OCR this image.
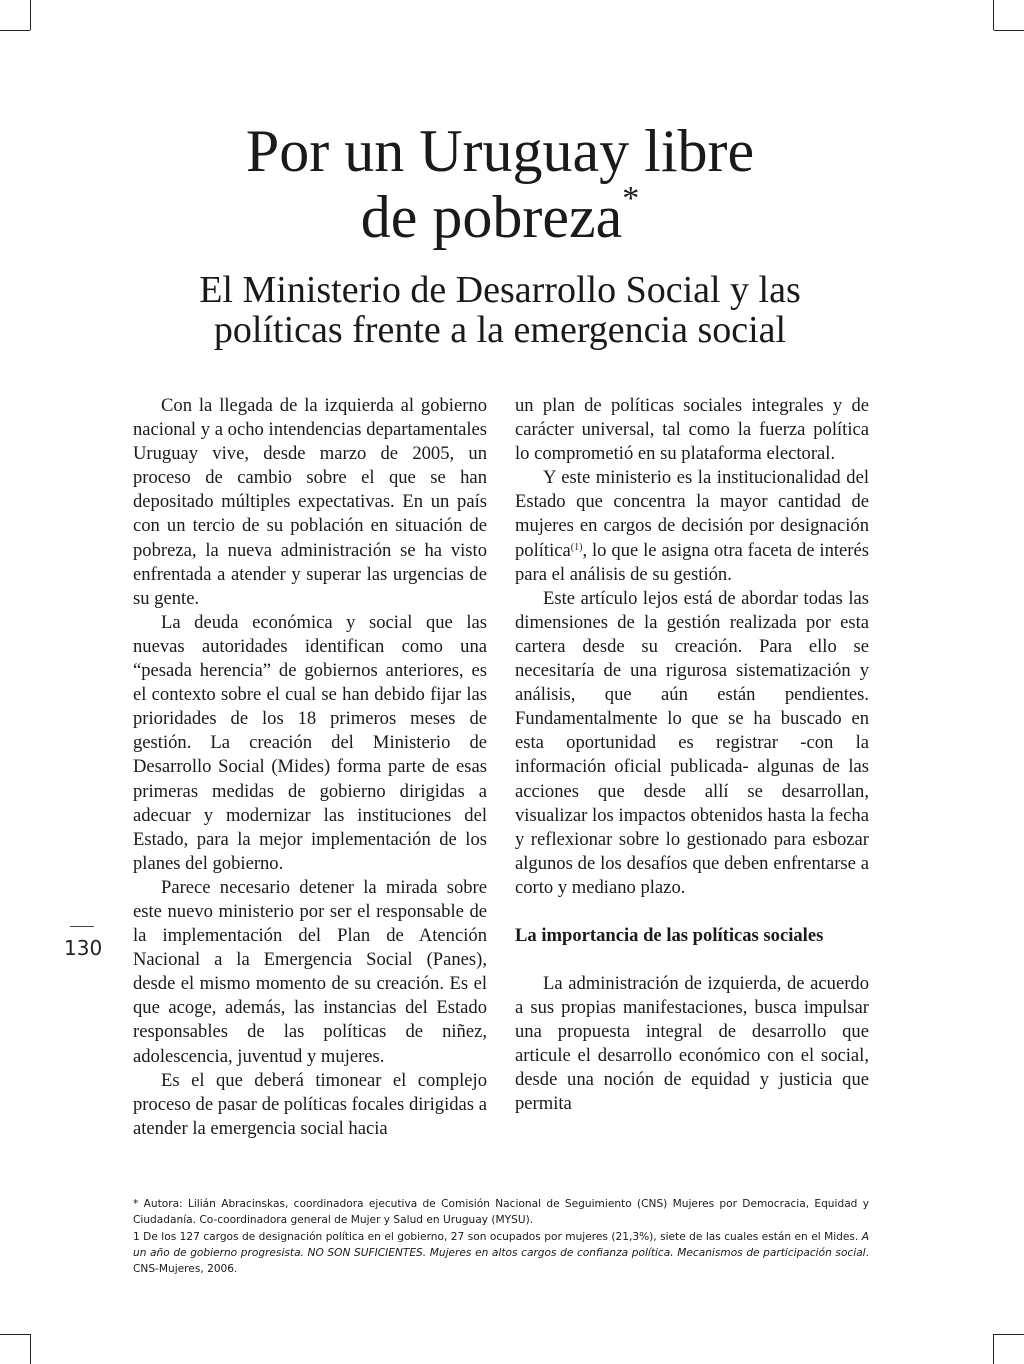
Por un Uruguay libre
de pobreza*
El Ministerio de Desarrollo Social y las
políticas frente a la emergencia social

Con la llegada de la izquierda al gobierno nacional y a ocho intendencias departamentales Uruguay vive, desde marzo de 2005, un proceso de cambio sobre el que se han depositado múltiples expectativas. En un país con un tercio de su población en situación de pobreza, la nueva administración se ha visto enfrentada a atender y superar las urgencias de su gente.

La deuda económica y social que las nuevas autoridades identifican como una “pesada herencia” de gobiernos anteriores, es el contexto sobre el cual se han debido fijar las prioridades de los 18 primeros meses de gestión. La creación del Ministerio de Desarrollo Social (Mides) forma parte de esas primeras medidas de gobierno dirigidas a adecuar y modernizar las instituciones del Estado, para la mejor implementación de los planes del gobierno.

Parece necesario detener la mirada sobre este nuevo ministerio por ser el responsable de la implementación del Plan de Atención Nacional a la Emergencia Social (Panes), desde el mismo momento de su creación. Es el que acoge, además, las instancias del Estado responsables de las políticas de niñez, adolescencia, juventud y mujeres.

Es el que deberá timonear el complejo proceso de pasar de políticas focales dirigidas a atender la emergencia social hacia

un plan de políticas sociales integrales y de carácter universal, tal como la fuerza política lo comprometió en su plataforma electoral.

Y este ministerio es la institucionalidad del Estado que concentra la mayor cantidad de mujeres en cargos de decisión por designación política$^{(1)}$, lo que le asigna otra faceta de interés para el análisis de su gestión.

Este artículo lejos está de abordar todas las dimensiones de la gestión realizada por esta cartera desde su creación. Para ello se necesitaría de una rigurosa sistematización y análisis, que aún están pendientes. Fundamentalmente lo que se ha buscado en esta oportunidad es registrar -con la información oficial publicada- algunas de las acciones que desde allí se desarrollan, visualizar los impactos obtenidos hasta la fecha y reflexionar sobre lo gestionado para esbozar algunos de los desafíos que deben enfrentarse a corto y mediano plazo.

La importancia de las políticas sociales

La administración de izquierda, de acuerdo a sus propias manifestaciones, busca impulsar una propuesta integral de desarrollo que articule el desarrollo económico con el social, desde una noción de equidad y justicia que permita

130

* Autora: Lilián Abracinskas, coordinadora ejecutiva de Comisión Nacional de Seguimiento (CNS) Mujeres por Democracia, Equidad y Ciudadanía. Co-coordinadora general de Mujer y Salud en Uruguay (MYSU).

1 De los 127 cargos de designación política en el gobierno, 27 son ocupados por mujeres (21,3%), siete de las cuales están en el Mides. A un año de gobierno progresista. NO SON SUFICIENTES. Mujeres en altos cargos de confianza política. Mecanismos de participación social. CNS-Mujeres, 2006.
